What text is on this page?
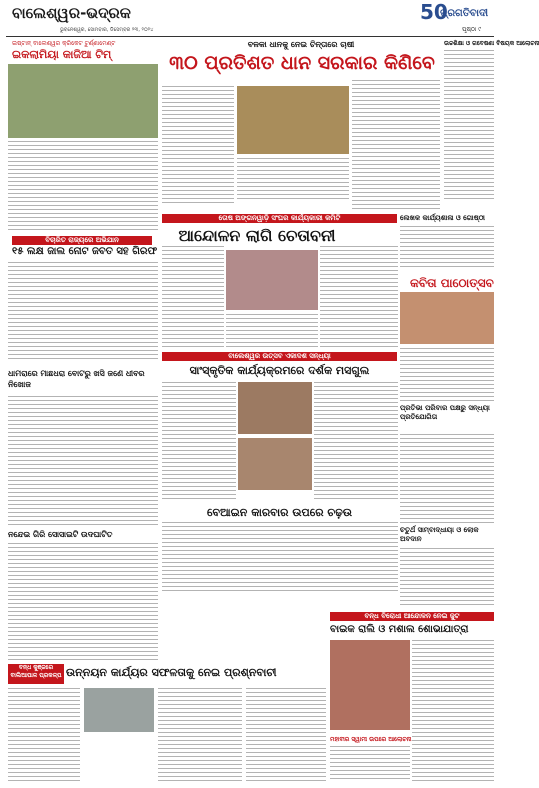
ବାଲେଶ୍ୱର-ଭଦ୍ରକ
ଭୁବନେଶ୍ୱର, ସୋମବାର, ଡିସେମ୍ବର ୨୩, ୨୦୨୪
50
ପ୍ରଗତିବାଦୀ
ପୃଷ୍ଠା ୯
ଇଷ୍ଟାନ୍ ବାଲେଶ୍ୱର କ୍ରିକେଟ ଟୁର୍ଣ୍ଣାମେଣ୍ଟ
ଇକଲାମିୟା କାଜିଆ ଟିମ୍
ବଳକା ଧାନକୁ ନେଇ ଚିନ୍ତାରେ ଚାଷୀ
୩୦ ପ୍ରତିଶତ ଧାନ ସରକାର କିଣିବେ
ଉଚ୍ଚଶିକ୍ଷା ଓ ଗବେଷଣା ବିଷୟକ ଆଲୋଚନା
ବିଚାରିତ ରାଜ୍ୟରେ ଅଭିଯାନ
୧୫ ଲକ୍ଷ ଜାଲ ନୋଟ ଜବତ ସହ ଗିରଫ
ତୋଷ ଅଙ୍ଗନୱାଡ଼ି ସଂଘର କାର୍ଯ୍ୟକାରୀ କମିଟି
ଆନ୍ଦୋଳନ ଲାଗି ଚେତାବନୀ
ଲେଖକ କାର୍ଯ୍ୟଶାଳା ଓ ଗୋଷ୍ଠୀ
କବିତା ପାଠୋତ୍ସବ
ଧାମରାରେ ମାଛଧରା ବୋଟରୁ ଖସି ଜଣେ ଧୀବର ନିଖୋଜ
ବାଲେଶ୍ୱର ଉତ୍ସବ ଏକାଦଶ ସନ୍ଧ୍ୟା
ସାଂସ୍କୃତିକ କାର୍ଯ୍ୟକ୍ରମରେ ଦର୍ଶକ ମସଗୁଲ
ପ୍ରତିଭା ପରିବାର ପକ୍ଷରୁ ସନ୍ଧ୍ୟା ପ୍ରତିଯୋଗିତା
ନନ୍ଦେଇ ଗିରି ସୋସାଇଟି ଉଦଘାଟିତ	ଚତୁର୍ଥ ସାମ୍ବାଦ୍ଧାୟା ଓ ଲୋକ ଅବଦାନ
ବେଆଇନ କାରବାର ଉପରେ ଚଢ଼ଉ
ବନ୍ଧ ବିରୋଧୀ ଆନ୍ଦୋଳନ ନେଇ ଜୁଟ
ବାଇକ ରାଲି ଓ ମଶାଲ ଶୋଭାଯାତ୍ରା
ବନ୍ଧ କୁଞ୍ଜରେ ବାଲିଆପାଳ ପ୍ରକଳ୍ପ ଉନ୍ନୟନ କାର୍ଯ୍ୟର ସଫଳତାକୁ ନେଇ ପ୍ରଶ୍ନବାଚୀ
ମହାବୀର ସ୍ୱାମୀ ଉପରେ ଆଲୋଚନା
